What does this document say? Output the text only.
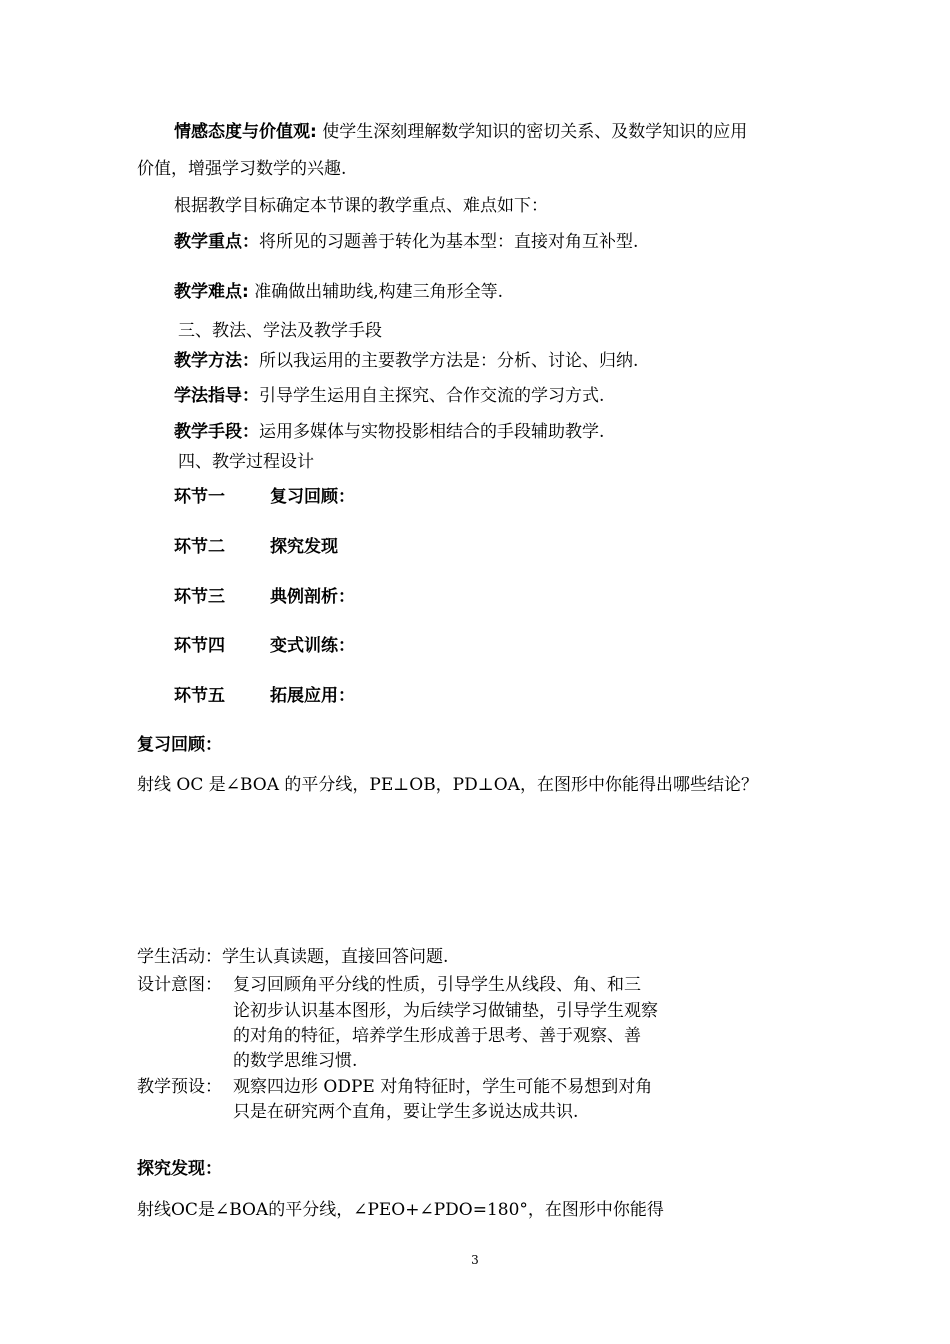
情感态度与价值观: 使学生深刻理解数学知识的密切关系、及数学知识的应用
价值，增强学习数学的兴趣.
根据教学目标确定本节课的教学重点、难点如下：
教学重点：将所见的习题善于转化为基本型：直接对角互补型.
教学难点: 准确做出辅助线,构建三角形全等.
三、教法、学法及教学手段
教学方法：所以我运用的主要教学方法是：分析、讨论、归纳.
学法指导：引导学生运用自主探究、合作交流的学习方式.
教学手段：运用多媒体与实物投影相结合的手段辅助教学.
四、教学过程设计
环节一	复习回顾：
环节二	探究发现
环节三	典例剖析：
环节四	变式训练：
环节五	拓展应用：
复习回顾：
射线 OC 是∠BOA 的平分线，PE⊥OB，PD⊥OA，在图形中你能得出哪些结论？
学生活动：学生认真读题，直接回答问题.
设计意图： 复习回顾角平分线的性质，引导学生从线段、角、和三
论初步认识基本图形，为后续学习做铺垫，引导学生观察
的对角的特征，培养学生形成善于思考、善于观察、善
的数学思维习惯.
教学预设： 观察四边形 ODPE 对角特征时，学生可能不易想到对角
只是在研究两个直角，要让学生多说达成共识.
探究发现：
射线OC是∠BOA的平分线，∠PEO+∠PDO=180°，在图形中你能得
3
